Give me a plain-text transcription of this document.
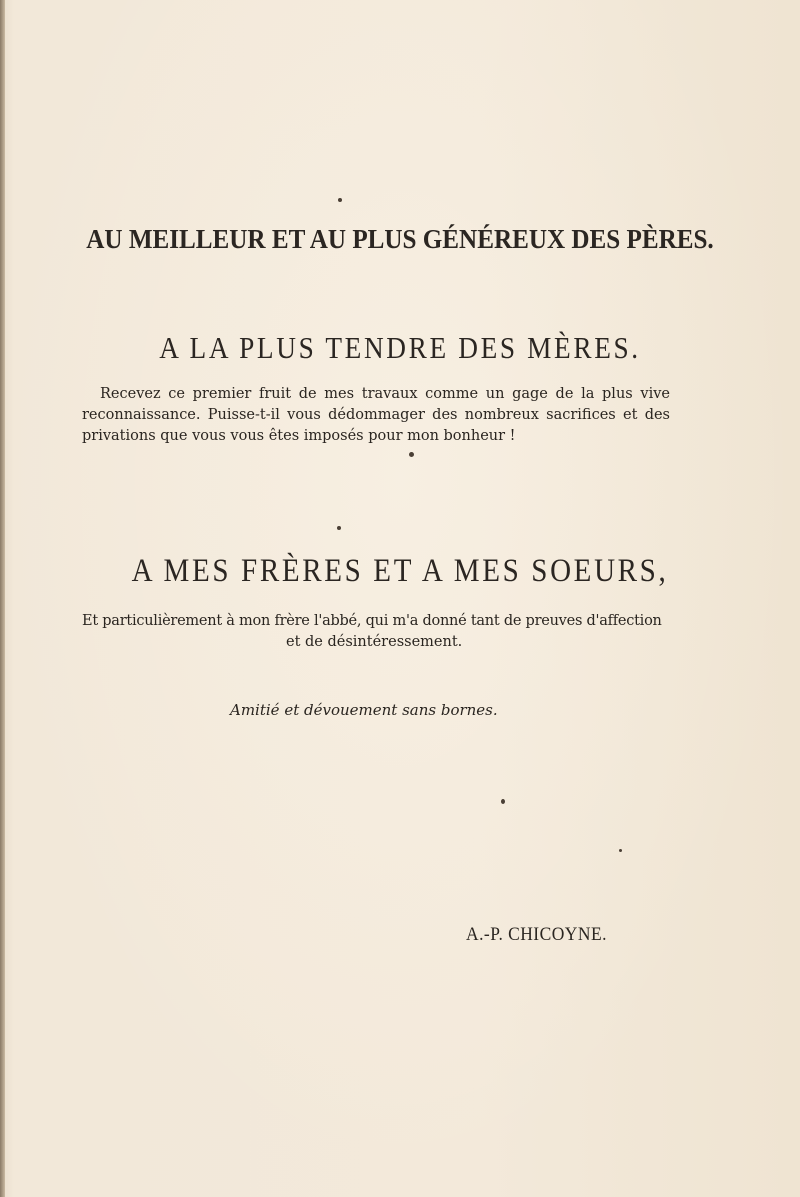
AU MEILLEUR ET AU PLUS GÉNÉREUX DES PÈRES.
A LA PLUS TENDRE DES MÈRES.
Recevez ce premier fruit de mes travaux comme un gage de la plus vive
reconnaissance. Puisse-t-il vous dédommager des nombreux sacrifices et des
privations que vous vous êtes imposés pour mon bonheur !
A MES FRÈRES ET A MES SOEURS,
Et particulièrement à mon frère l'abbé, qui m'a donné tant de preuves d'affection
et de désintéressement.
Amitié et dévouement sans bornes.
A.-P. CHICOYNE.
